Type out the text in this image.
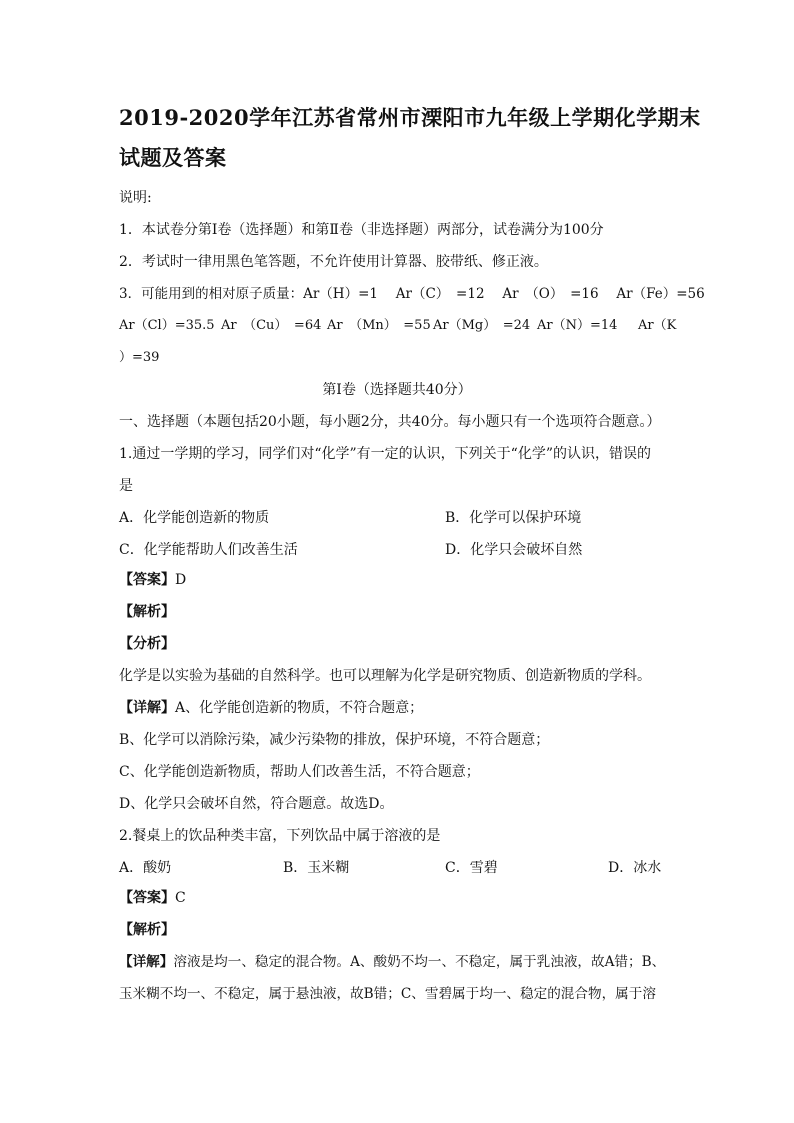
2019-2020学年江苏省常州市溧阳市九年级上学期化学期末
试题及答案
说明:
1．本试卷分第Ⅰ卷（选择题）和第Ⅱ卷（非选择题）两部分，试卷满分为100分
2．考试时一律用黑色笔答题，不允许使用计算器、胶带纸、修正液。
3．可能用到的相对原子质量：Ar（H）=1　 Ar（C）　=12　 Ar　（O）　=16　 Ar（Fe）=56
Ar（Cl）=35.5 Ar　（Cu）　=64 Ar　（Mn）　=55 Ar（Mg）　=24 Ar（N）=14 Ar（K
）=39
第Ⅰ卷（选择题共40分）
一、选择题（本题包括20小题，每小题2分，共40分。每小题只有一个选项符合题意。）
1.通过一学期的学习，同学们对“化学”有一定的认识，下列关于“化学”的认识，错误的
是
A．化学能创造新的物质	B．化学可以保护环境
C．化学能帮助人们改善生活	D．化学只会破坏自然
【答案】D
【解析】
【分析】
化学是以实验为基础的自然科学。也可以理解为化学是研究物质、创造新物质的学科。
【详解】A、化学能创造新的物质，不符合题意；
B、化学可以消除污染，减少污染物的排放，保护环境，不符合题意；
C、化学能创造新物质，帮助人们改善生活，不符合题意；
D、化学只会破坏自然，符合题意。故选D。
2.餐桌上的饮品种类丰富，下列饮品中属于溶液的是
A．酸奶	B．玉米糊	C．雪碧	D．冰水
【答案】C
【解析】
【详解】溶液是均一、稳定的混合物。A、酸奶不均一、不稳定，属于乳浊液，故A错；B、
玉米糊不均一、不稳定，属于悬浊液，故B错；C、雪碧属于均一、稳定的混合物，属于溶
